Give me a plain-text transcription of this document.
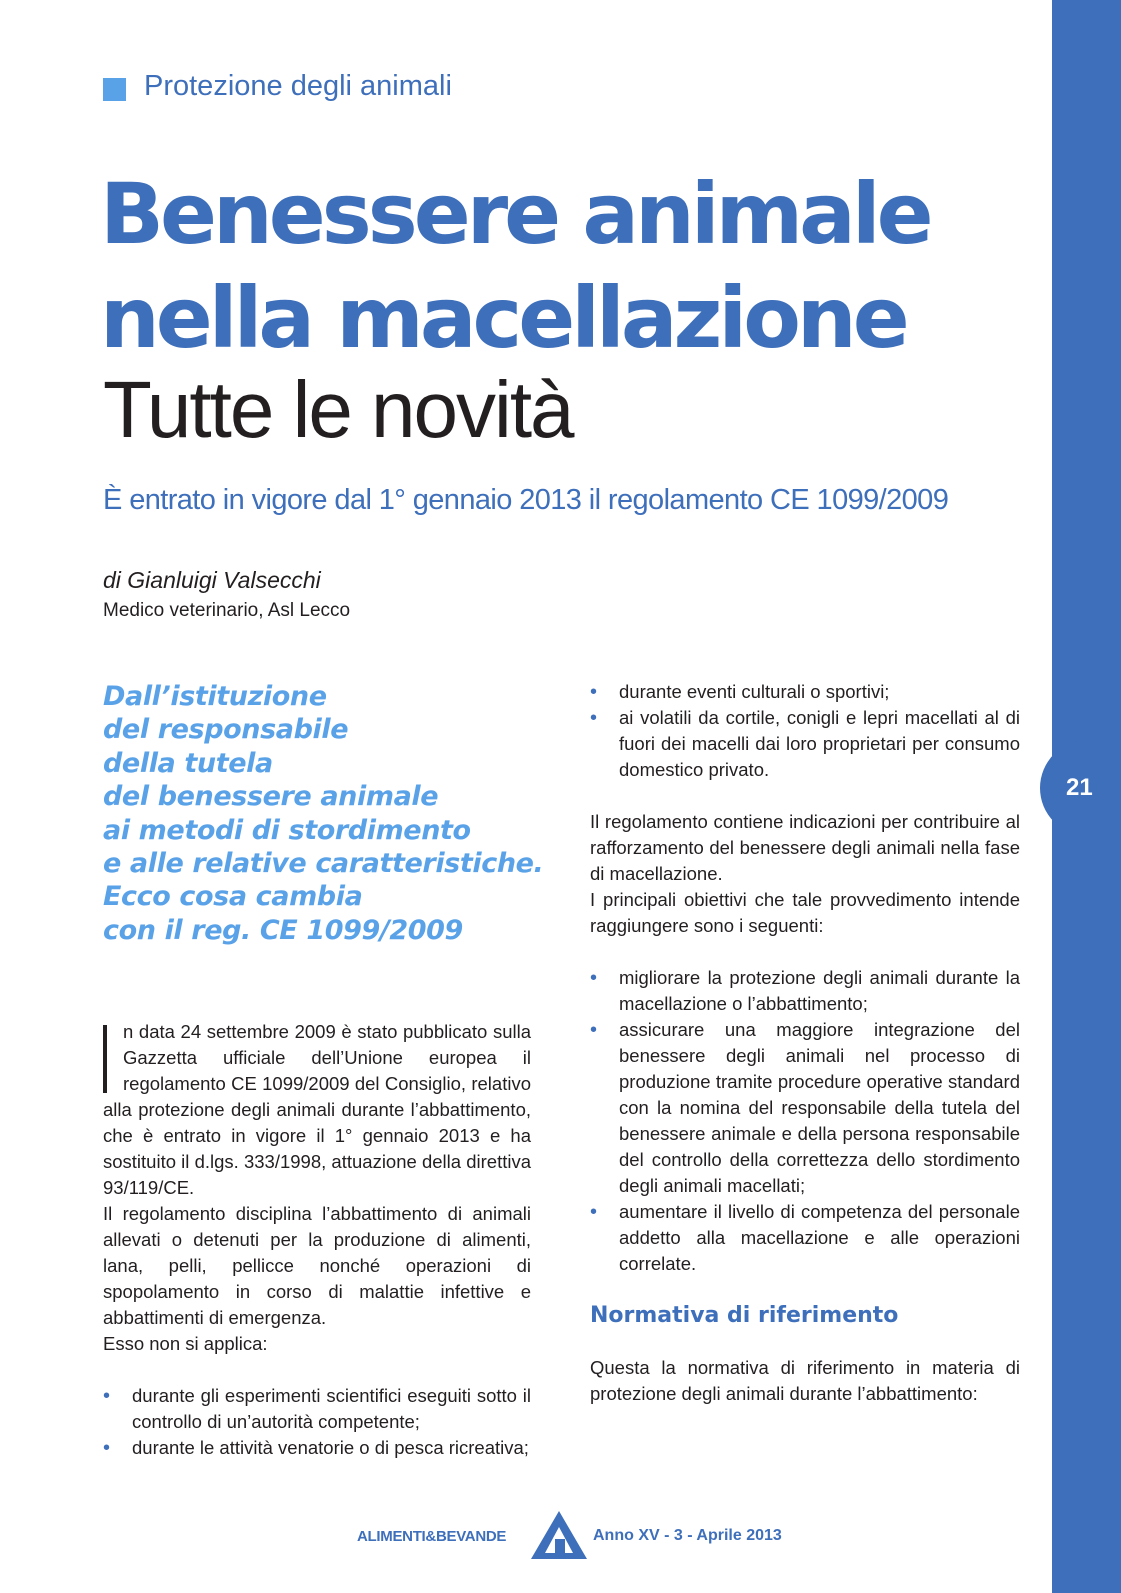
21
Protezione degli animali
Benessere animale
nella macellazione
Tutte le novità
È entrato in vigore dal 1° gennaio 2013 il regolamento CE 1099/2009
di Gianluigi Valsecchi
Medico veterinario, Asl Lecco
Dall’istituzione
del responsabile
della tutela
del benessere animale
ai metodi di stordimento
e alle relative caratteristiche.
Ecco cosa cambia
con il reg. CE 1099/2009

n data 24 settembre 2009 è stato pubblicato sulla Gazzetta ufficiale dell’Unione europea il regolamento CE 1099/2009 del Consiglio, relativo alla protezione degli animali durante l’abbattimento, che è entrato in vigore il 1° gennaio 2013 e ha sostituito il d.lgs. 333/1998, attuazione della direttiva 93/119/CE.

Il regolamento disciplina l’abbattimento di animali allevati o detenuti per la produzione di alimenti, lana, pelli, pellicce nonché operazioni di spopolamento in corso di malattie infettive e abbattimenti di emergenza.

Esso non si applica:

• durante gli esperimenti scientifici eseguiti sotto il controllo di un’autorità competente;
• durante le attività venatorie o di pesca ricreativa;
• durante eventi culturali o sportivi;
• ai volatili da cortile, conigli e lepri macellati al di fuori dei macelli dai loro proprietari per consumo domestico privato.

Il regolamento contiene indicazioni per contribuire al rafforzamento del benessere degli animali nella fase di macellazione.

I principali obiettivi che tale provvedimento intende raggiungere sono i seguenti:

• migliorare la protezione degli animali durante la macellazione o l’abbattimento;
• assicurare una maggiore integrazione del benessere degli animali nel processo di produzione tramite procedure operative standard con la nomina del responsabile della tutela del benessere animale e della persona responsabile del controllo della correttezza dello stordimento degli animali macellati;
• aumentare il livello di competenza del personale addetto alla macellazione e alle operazioni correlate.
Normativa di riferimento

Questa la normativa di riferimento in materia di protezione degli animali durante l’abbattimento:

ALIMENTI&BEVANDE	Anno XV - 3 - Aprile 2013
